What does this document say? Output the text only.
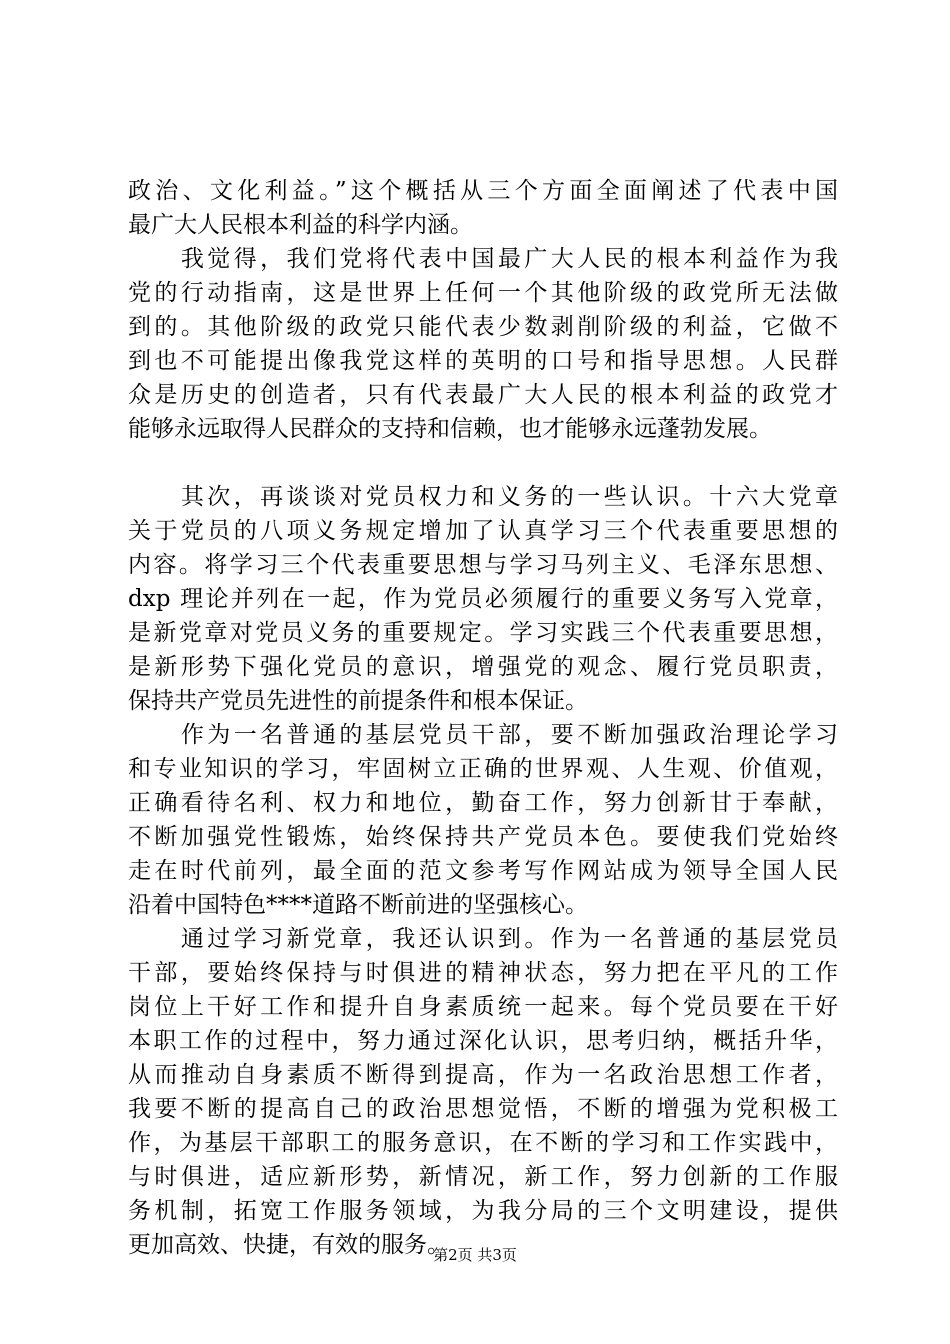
政治、文化利益。”这个概括从三个方面全面阐述了代表中国
最广大人民根本利益的科学内涵。
　　我觉得，我们党将代表中国最广大人民的根本利益作为我
党的行动指南，这是世界上任何一个其他阶级的政党所无法做
到的。其他阶级的政党只能代表少数剥削阶级的利益，它做不
到也不可能提出像我党这样的英明的口号和指导思想。人民群
众是历史的创造者，只有代表最广大人民的根本利益的政党才
能够永远取得人民群众的支持和信赖，也才能够永远蓬勃发展。
　　其次，再谈谈对党员权力和义务的一些认识。十六大党章
关于党员的八项义务规定增加了认真学习三个代表重要思想的
内容。将学习三个代表重要思想与学习马列主义、毛泽东思想、
dxp 理论并列在一起，作为党员必须履行的重要义务写入党章，
是新党章对党员义务的重要规定。学习实践三个代表重要思想，
是新形势下强化党员的意识，增强党的观念、履行党员职责，
保持共产党员先进性的前提条件和根本保证。
　　作为一名普通的基层党员干部，要不断加强政治理论学习
和专业知识的学习，牢固树立正确的世界观、人生观、价值观，
正确看待名利、权力和地位，勤奋工作，努力创新甘于奉献，
不断加强党性锻炼，始终保持共产党员本色。要使我们党始终
走在时代前列，最全面的范文参考写作网站成为领导全国人民
沿着中国特色****道路不断前进的坚强核心。
　　通过学习新党章，我还认识到。作为一名普通的基层党员
干部，要始终保持与时俱进的精神状态，努力把在平凡的工作
岗位上干好工作和提升自身素质统一起来。每个党员要在干好
本职工作的过程中，努力通过深化认识，思考归纳，概括升华，
从而推动自身素质不断得到提高，作为一名政治思想工作者，
我要不断的提高自己的政治思想觉悟，不断的增强为党积极工
作，为基层干部职工的服务意识，在不断的学习和工作实践中，
与时俱进，适应新形势，新情况，新工作，努力创新的工作服
务机制，拓宽工作服务领域，为我分局的三个文明建设，提供
更加高效、快捷，有效的服务。
第2页 共3页
